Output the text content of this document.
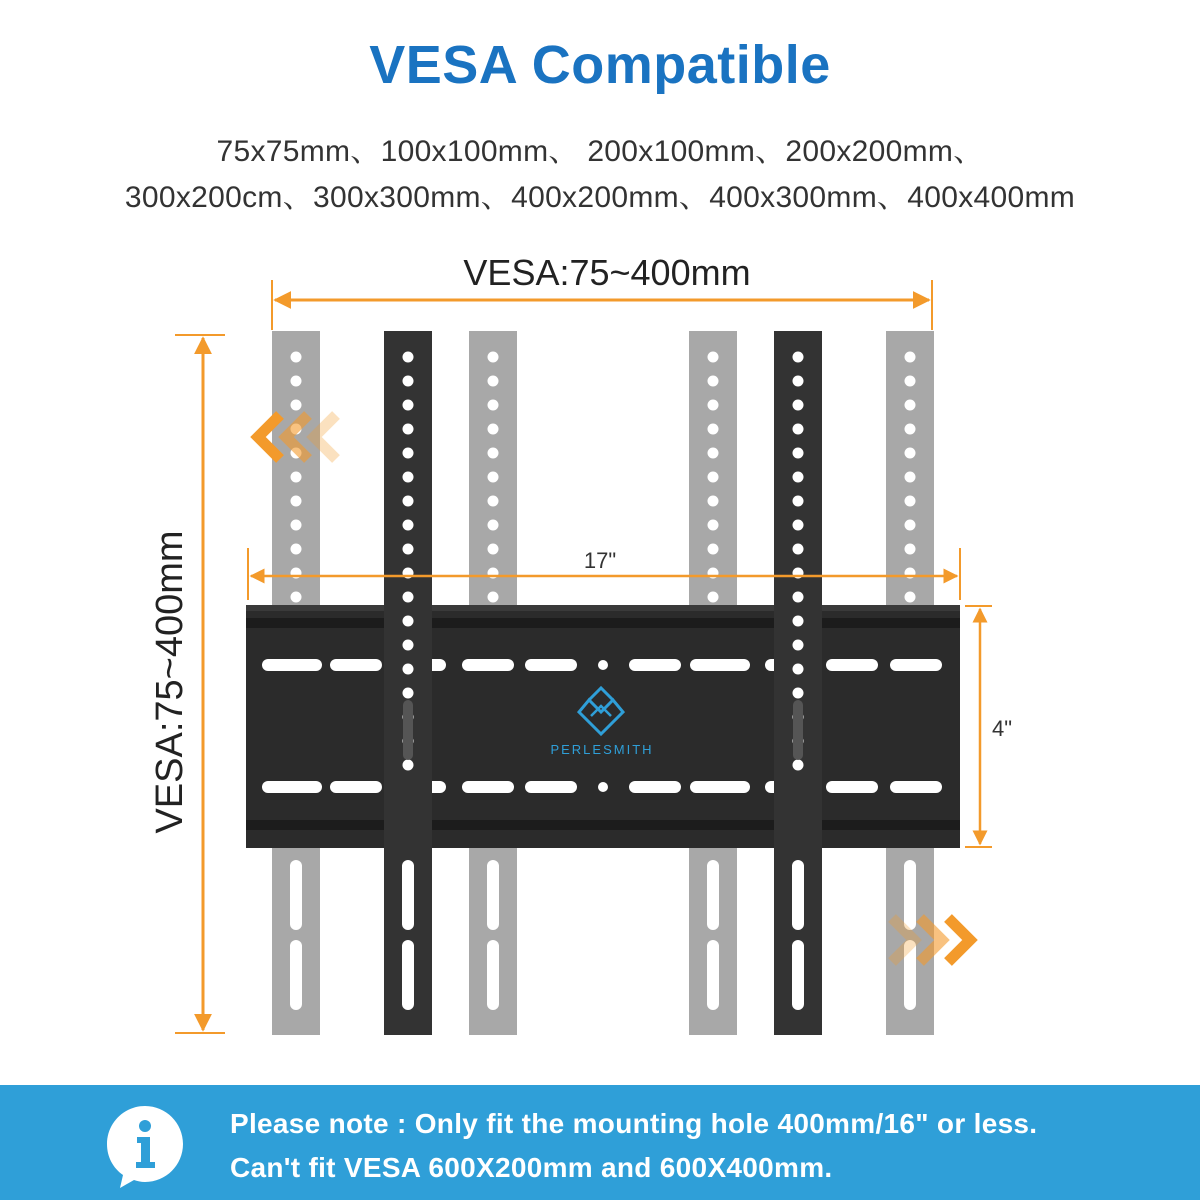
VESA Compatible
75x75mm、100x100mm、 200x100mm、200x200mm、
300x200cm、300x300mm、400x200mm、400x300mm、400x400mm
VESA:75~400mm
VESA:75~400mm	PERLESMITH
17"
4"
Please note : Only fit the mounting hole 400mm/16" or less.
Can't fit VESA 600X200mm and 600X400mm.
